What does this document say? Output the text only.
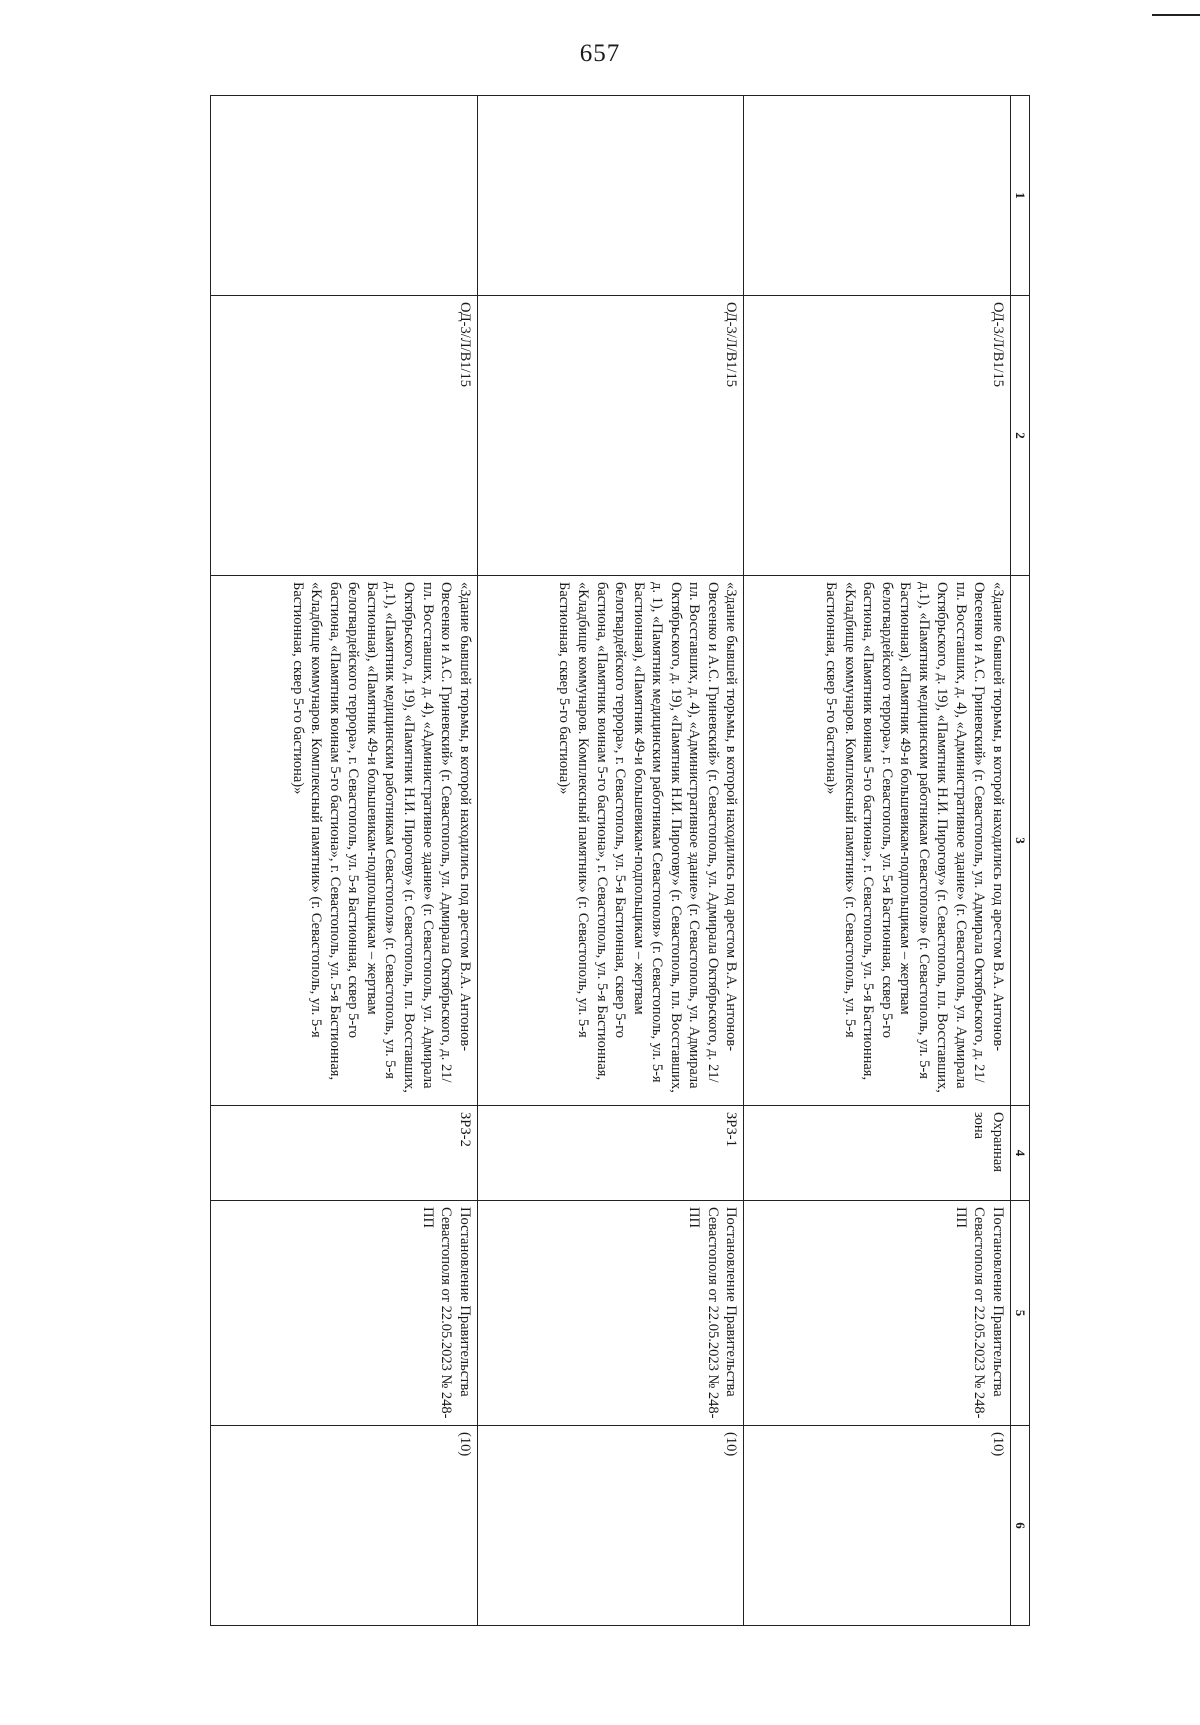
657
1	2	3	4	5	6
	ОД-3/Л/В1/15	«Здание бывшей тюрьмы, в которой находились под арестом В.А. Антонов-Овсеенко и А.С. Гриневский» (г. Севастополь, ул. Адмирала Октябрьского, д. 21/пл. Восставших, д. 4), «Административное здание» (г. Севастополь, ул. Адмирала Октябрьского, д. 19), «Памятник Н.И. Пирогову» (г. Севастополь, пл. Восставших, д.1), «Памятник медицинским работникам Севастополя» (г. Севастополь, ул. 5-я Бастионная), «Памятник 49-и большевикам-подпольщикам – жертвам белогвардейского террора», г. Севастополь, ул. 5-я Бастионная, сквер 5-го бастиона, «Памятник воинам 5-го бастиона», г. Севастополь, ул. 5-я Бастионная, «Кладбище коммунаров. Комплексный памятник» (г. Севастополь, ул. 5-я Бастионная, сквер 5-го бастиона)»	Охранная зона	Постановление Правительства Севастополя от 22.05.2023 № 248-ПП	(10)
	ОД-3/Л/В1/15	«Здание бывшей тюрьмы, в которой находились под арестом В.А. Антонов-Овсеенко и А.С. Гриневский» (г. Севастополь, ул. Адмирала Октябрьского, д. 21/пл. Восставших, д. 4), «Административное здание» (г. Севастополь, ул. Адмирала Октябрьского, д. 19), «Памятник Н.И. Пирогову» (г. Севастополь, пл. Восставших, д. 1), «Памятник медицинским работникам Севастополя» (г. Севастополь, ул. 5-я Бастионная), «Памятник 49-и большевикам-подпольщикам – жертвам белогвардейского террора», г. Севастополь, ул. 5-я Бастионная, сквер 5-го бастиона, «Памятник воинам 5-го бастиона», г. Севастополь, ул. 5-я Бастионная, «Кладбище коммунаров. Комплексный памятник» (г. Севастополь, ул. 5-я Бастионная, сквер 5-го бастиона)»	ЗРЗ-1	Постановление Правительства Севастополя от 22.05.2023 № 248-ПП	(10)
	ОД-3/Л/В1/15	«Здание бывшей тюрьмы, в которой находились под арестом В.А. Антонов-Овсеенко и А.С. Гриневский» (г. Севастополь, ул. Адмирала Октябрьского, д. 21/пл. Восставших, д. 4), «Административное здание» (г. Севастополь, ул. Адмирала Октябрьского, д. 19), «Памятник Н.И. Пирогову» (г. Севастополь, пл. Восставших, д.1), «Памятник медицинским работникам Севастополя» (г. Севастополь, ул. 5-я Бастионная), «Памятник 49-и большевикам-подпольщикам – жертвам белогвардейского террора», г. Севастополь, ул. 5-я Бастионная, сквер 5-го бастиона, «Памятник воинам 5-го бастиона», г. Севастополь, ул. 5-я Бастионная, «Кладбище коммунаров. Комплексный памятник» (г. Севастополь, ул. 5-я Бастионная, сквер 5-го бастиона)»	ЗРЗ-2	Постановление Правительства Севастополя от 22.05.2023 № 248-ПП	(10)
